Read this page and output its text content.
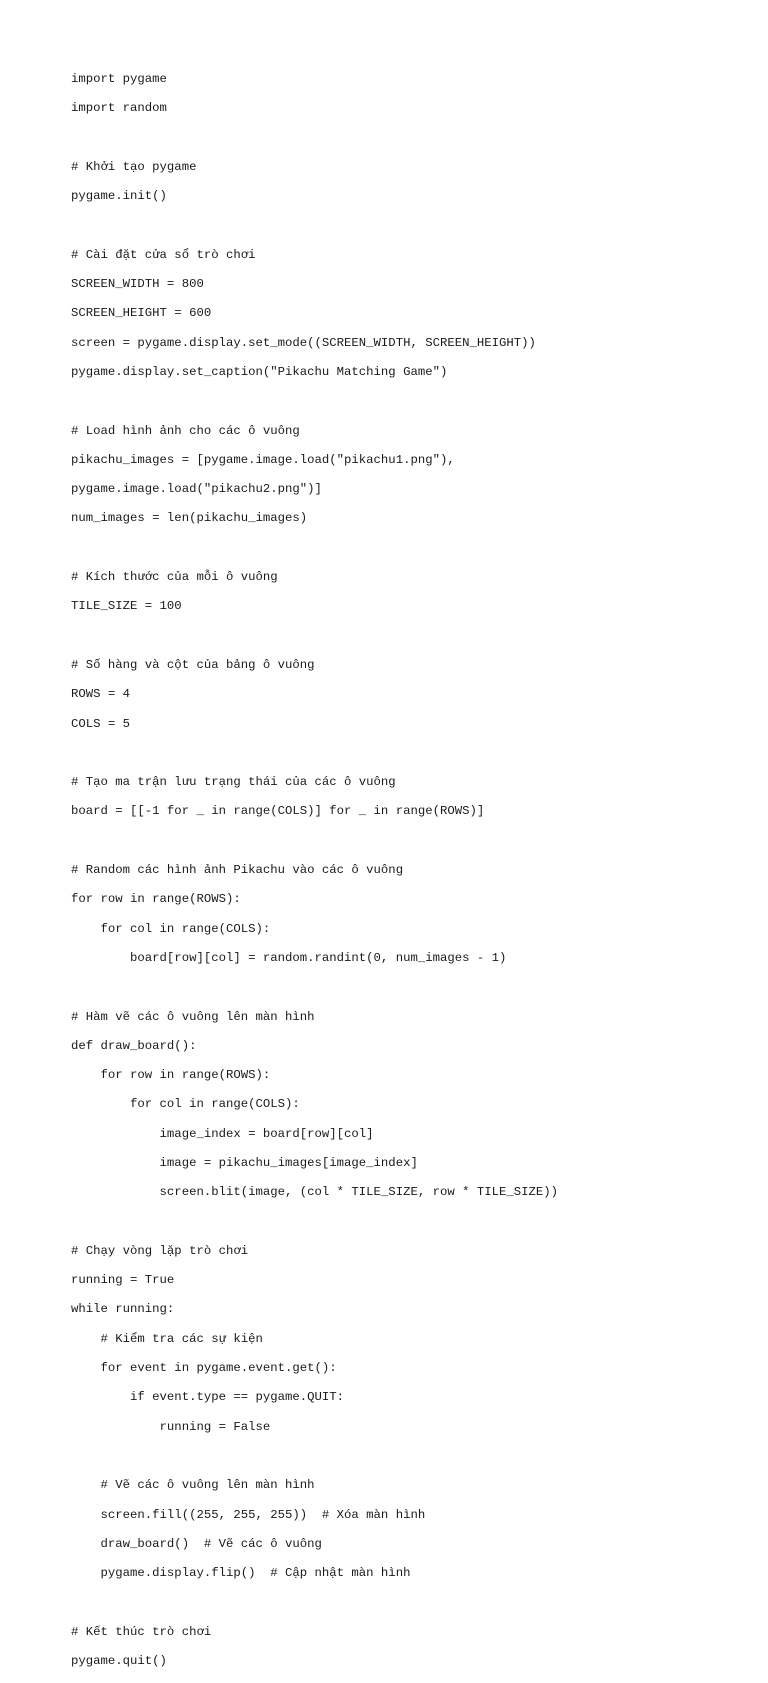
import pygame

import random

# Khởi tạo pygame

pygame.init()

# Cài đặt cửa sổ trò chơi

SCREEN_WIDTH = 800

SCREEN_HEIGHT = 600

screen = pygame.display.set_mode((SCREEN_WIDTH, SCREEN_HEIGHT))

pygame.display.set_caption("Pikachu Matching Game")

# Load hình ảnh cho các ô vuông

pikachu_images = [pygame.image.load("pikachu1.png"),

pygame.image.load("pikachu2.png")]

num_images = len(pikachu_images)

# Kích thước của mỗi ô vuông

TILE_SIZE = 100

# Số hàng và cột của bảng ô vuông

ROWS = 4

COLS = 5

# Tạo ma trận lưu trạng thái của các ô vuông

board = [[-1 for _ in range(COLS)] for _ in range(ROWS)]

# Random các hình ảnh Pikachu vào các ô vuông

for row in range(ROWS):

for col in range(COLS):

board[row][col] = random.randint(0, num_images - 1)

# Hàm vẽ các ô vuông lên màn hình

def draw_board():

for row in range(ROWS):

for col in range(COLS):

image_index = board[row][col]

image = pikachu_images[image_index]

screen.blit(image, (col * TILE_SIZE, row * TILE_SIZE))

# Chạy vòng lặp trò chơi

running = True

while running:

# Kiểm tra các sự kiện

for event in pygame.event.get():

if event.type == pygame.QUIT:

running = False

# Vẽ các ô vuông lên màn hình

screen.fill((255, 255, 255))  # Xóa màn hình

draw_board()  # Vẽ các ô vuông

pygame.display.flip()  # Cập nhật màn hình

# Kết thúc trò chơi

pygame.quit()
